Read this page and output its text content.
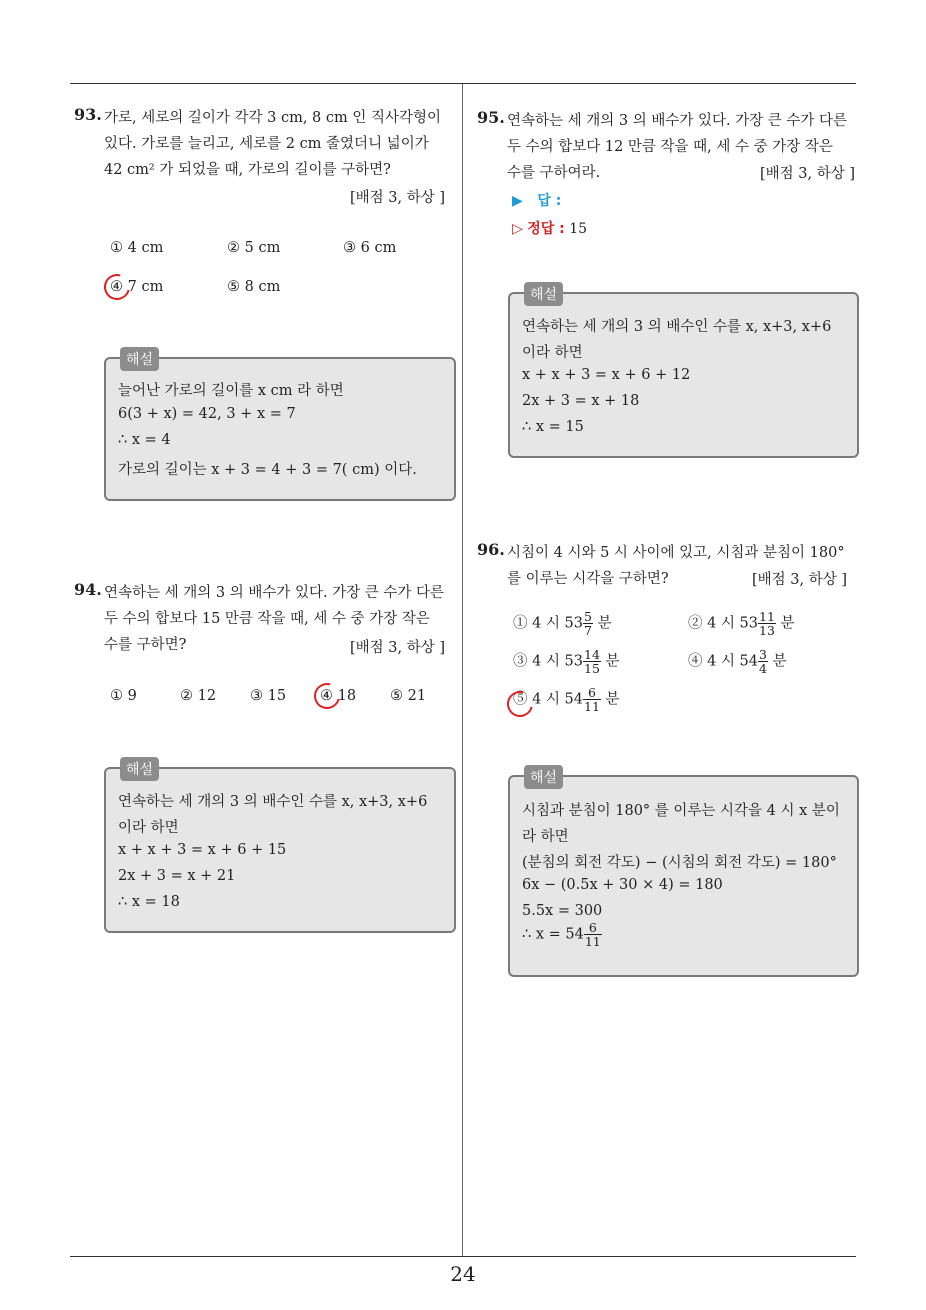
93. 가로, 세로의 길이가 각각 3 cm, 8 cm 인 직사각형이
있다. 가로를 늘리고, 세로를 2 cm 줄였더니 넓이가
42 cm² 가 되었을 때, 가로의 길이를 구하면?
[배점 3, 하상 ]
① 4 cm	② 5 cm	③ 6 cm
④ 7 cm	⑤ 8 cm
해설
늘어난 가로의 길이를 x cm 라 하면
6(3 + x) = 42, 3 + x = 7
∴ x = 4
가로의 길이는 x + 3 = 4 + 3 = 7( cm) 이다.
94. 연속하는 세 개의 3 의 배수가 있다. 가장 큰 수가 다른
두 수의 합보다 15 만큼 작을 때, 세 수 중 가장 작은
수를 구하면?	[배점 3, 하상 ]
① 9	② 12 ③ 15 ④ 18 ⑤ 21
해설
연속하는 세 개의 3 의 배수인 수를 x, x+3, x+6
이라 하면
x + x + 3 = x + 6 + 15
2x + 3 = x + 21
∴ x = 18
95. 연속하는 세 개의 3 의 배수가 있다. 가장 큰 수가 다른
두 수의 합보다 12 만큼 작을 때, 세 수 중 가장 작은
수를 구하여라.	[배점 3, 하상 ]
▶ 답 :
▷ 정답 : 15
해설
연속하는 세 개의 3 의 배수인 수를 x, x+3, x+6
이라 하면
x + x + 3 = x + 6 + 12
2x + 3 = x + 18
∴ x = 15
96. 시침이 4 시와 5 시 사이에 있고, 시침과 분침이 180°
를 이루는 시각을 구하면?	[배점 3, 하상 ]
① 4 시 $53 \frac{5}{7}$ 분	② 4 시 $53 \frac{11}{13}$ 분
③ 4 시 $53 \frac{14}{15}$ 분	④ 4 시 $54 \frac{3}{4}$ 분
⑤ 4 시 $54 \frac{6}{11}$ 분
해설
시침과 분침이 180° 를 이루는 시각을 4 시 x 분이
라 하면
(분침의 회전 각도) − (시침의 회전 각도) = 180°
6x − (0.5x + 30 × 4) = 180
5.5x = 300
∴ $x = 54 \frac{6}{11}$
24
